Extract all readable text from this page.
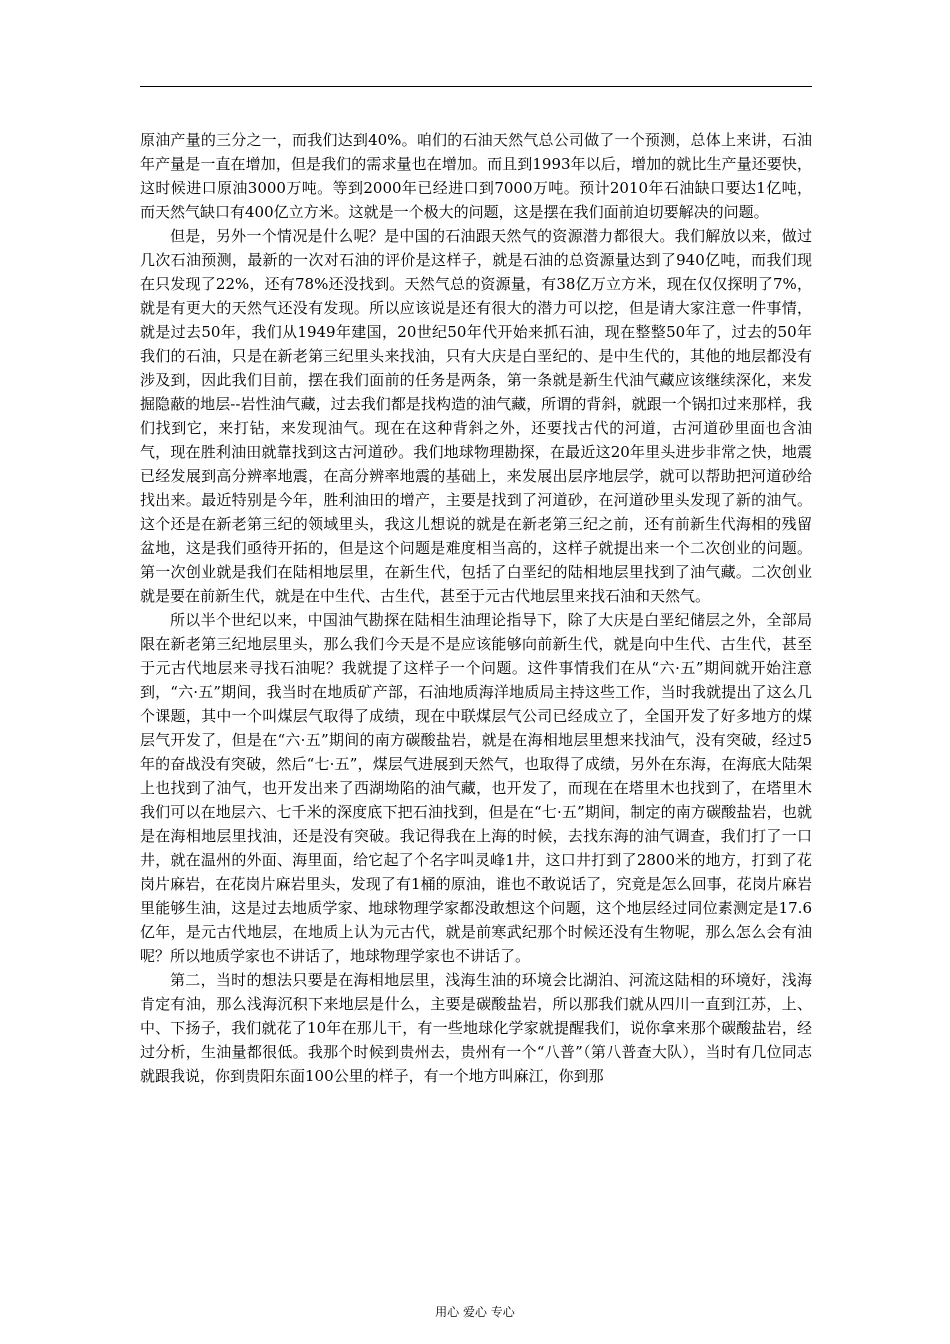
原油产量的三分之一，而我们达到40%。咱们的石油天然气总公司做了一个预测，总体上来讲，石油年产量是一直在增加，但是我们的需求量也在增加。而且到1993年以后，增加的就比生产量还要快，这时候进口原油3000万吨。等到2000年已经进口到7000万吨。预计2010年石油缺口要达1亿吨，而天然气缺口有400亿立方米。这就是一个极大的问题，这是摆在我们面前迫切要解决的问题。

但是，另外一个情况是什么呢？是中国的石油跟天然气的资源潜力都很大。我们解放以来，做过几次石油预测，最新的一次对石油的评价是这样子，就是石油的总资源量达到了940亿吨，而我们现在只发现了22%，还有78%还没找到。天然气总的资源量，有38亿万立方米，现在仅仅探明了7%，就是有更大的天然气还没有发现。所以应该说是还有很大的潜力可以挖，但是请大家注意一件事情，就是过去50年，我们从1949年建国，20世纪50年代开始来抓石油，现在整整50年了，过去的50年我们的石油，只是在新老第三纪里头来找油，只有大庆是白垩纪的、是中生代的，其他的地层都没有涉及到，因此我们目前，摆在我们面前的任务是两条，第一条就是新生代油气藏应该继续深化，来发掘隐蔽的地层--岩性油气藏，过去我们都是找构造的油气藏，所谓的背斜，就跟一个锅扣过来那样，我们找到它，来打钻，来发现油气。现在在这种背斜之外，还要找古代的河道，古河道砂里面也含油气，现在胜利油田就靠找到这古河道砂。我们地球物理勘探，在最近这20年里头进步非常之快，地震已经发展到高分辨率地震，在高分辨率地震的基础上，来发展出层序地层学，就可以帮助把河道砂给找出来。最近特别是今年，胜利油田的增产，主要是找到了河道砂，在河道砂里头发现了新的油气。这个还是在新老第三纪的领域里头，我这儿想说的就是在新老第三纪之前，还有前新生代海相的残留盆地，这是我们亟待开拓的，但是这个问题是难度相当高的，这样子就提出来一个二次创业的问题。第一次创业就是我们在陆相地层里，在新生代，包括了白垩纪的陆相地层里找到了油气藏。二次创业就是要在前新生代，就是在中生代、古生代，甚至于元古代地层里来找石油和天然气。

所以半个世纪以来，中国油气勘探在陆相生油理论指导下，除了大庆是白垩纪储层之外，全部局限在新老第三纪地层里头，那么我们今天是不是应该能够向前新生代，就是向中生代、古生代，甚至于元古代地层来寻找石油呢？我就提了这样子一个问题。这件事情我们在从“六·五”期间就开始注意到，“六·五”期间，我当时在地质矿产部，石油地质海洋地质局主持这些工作，当时我就提出了这么几个课题，其中一个叫煤层气取得了成绩，现在中联煤层气公司已经成立了，全国开发了好多地方的煤层气开发了，但是在“六·五”期间的南方碳酸盐岩，就是在海相地层里想来找油气，没有突破，经过5年的奋战没有突破，然后“七·五”，煤层气进展到天然气，也取得了成绩，另外在东海，在海底大陆架上也找到了油气，也开发出来了西湖坳陷的油气藏，也开发了，而现在在塔里木也找到了，在塔里木我们可以在地层六、七千米的深度底下把石油找到，但是在“七·五”期间，制定的南方碳酸盐岩，也就是在海相地层里找油，还是没有突破。我记得我在上海的时候，去找东海的油气调查，我们打了一口井，就在温州的外面、海里面，给它起了个名字叫灵峰1井，这口井打到了2800米的地方，打到了花岗片麻岩，在花岗片麻岩里头，发现了有1桶的原油，谁也不敢说话了，究竟是怎么回事，花岗片麻岩里能够生油，这是过去地质学家、地球物理学家都没敢想这个问题，这个地层经过同位素测定是17.6亿年，是元古代地层，在地质上认为元古代，就是前寒武纪那个时候还没有生物呢，那么怎么会有油呢？所以地质学家也不讲话了，地球物理学家也不讲话了。

第二，当时的想法只要是在海相地层里，浅海生油的环境会比湖泊、河流这陆相的环境好，浅海肯定有油，那么浅海沉积下来地层是什么，主要是碳酸盐岩，所以那我们就从四川一直到江苏，上、中、下扬子，我们就花了10年在那儿干，有一些地球化学家就提醒我们，说你拿来那个碳酸盐岩，经过分析，生油量都很低。我那个时候到贵州去，贵州有一个“八普”（第八普查大队），当时有几位同志就跟我说，你到贵阳东面100公里的样子，有一个地方叫麻江，你到那

用心 爱心 专心
